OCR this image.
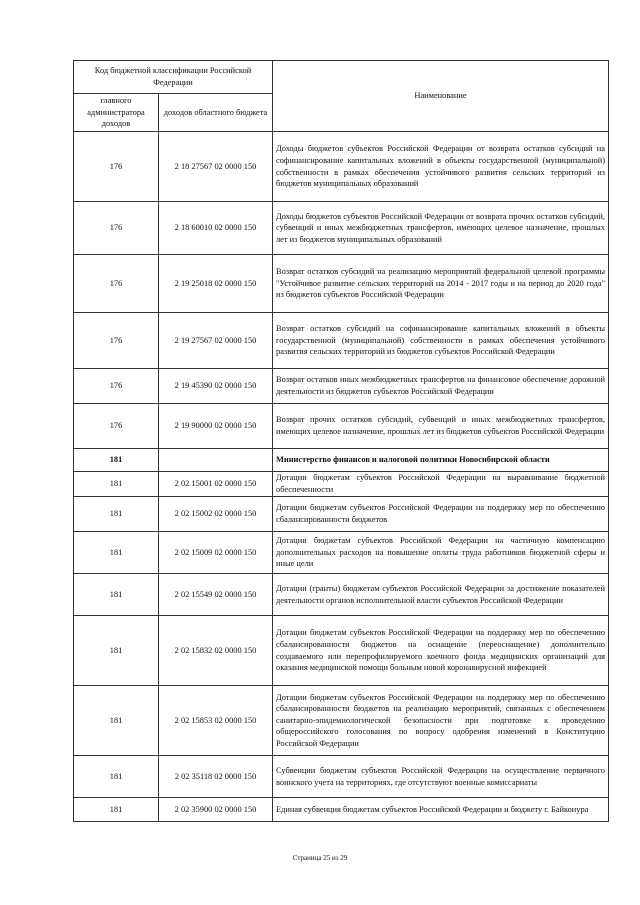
Код бюджетной классификации Российской Федерации		Наименование
главного администратора доходов	доходов областного бюджета	
176	2 18 27567 02 0000 150	Доходы бюджетов субъектов Российской Федерации от возврата остатков субсидий на софинансирование капитальных вложений в объекты государственной (муниципальной) собственности в рамках обеспечения устойчивого развития сельских территорий из бюджетов муниципальных образований
176	2 18 60010 02 0000 150	Доходы бюджетов субъектов Российской Федерации от возврата прочих остатков субсидий, субвенций и иных межбюджетных трансфертов, имеющих целевое назначение, прошлых лет из бюджетов муниципальных образований
176	2 19 25018 02 0000 150	Возврат остатков субсидий на реализацию мероприятий федеральной целевой программы "Устойчивое развитие сельских территорий на 2014 - 2017 годы и на период до 2020 года" из бюджетов субъектов Российской Федерации
176	2 19 27567 02 0000 150	Возврат остатков субсидий на софинансирование капитальных вложений в объекты государственной (муниципальной) собственности в рамках обеспечения устойчивого развития сельских территорий из бюджетов субъектов Российской Федерации
176	2 19 45390 02 0000 150	Возврат остатков иных межбюджетных трансфертов на финансовое обеспечение дорожной деятельности из бюджетов субъектов Российской Федерации
176	2 19 90000 02 0000 150	Возврат прочих остатков субсидий, субвенций и иных межбюджетных трансфертов, имеющих целевое назначение, прошлых лет из бюджетов субъектов Российской Федерации
181		Министерство финансов и налоговой политики Новосибирской области
181	2 02 15001 02 0000 150	Дотации бюджетам субъектов Российской Федерации на выравнивание бюджетной обеспеченности
181	2 02 15002 02 0000 150	Дотации бюджетам субъектов Российской Федерации на поддержку мер по обеспечению сбалансированности бюджетов
181	2 02 15009 02 0000 150	Дотации бюджетам субъектов Российской Федерации на частичную компенсацию дополнительных расходов на повышение оплаты труда работников бюджетной сферы и иные цели
181	2 02 15549 02 0000 150	Дотации (гранты) бюджетам субъектов Российской Федерации за достижение показателей деятельности органов исполнительной власти субъектов Российской Федерации
181	2 02 15832 02 0000 150	Дотации бюджетам субъектов Российской Федерации на поддержку мер по обеспечению сбалансированности бюджетов на оснащение (переоснащение) дополнительно создаваемого или перепрофилируемого коечного фонда медицинских организаций для оказания медицинской помощи больным новой коронавирусной инфекцией
181	2 02 15853 02 0000 150	Дотации бюджетам субъектов Российской Федерации на поддержку мер по обеспечению сбалансированности бюджетов на реализацию мероприятий, связанных с обеспечением санитарно-эпидемиологической безопасности при подготовке к проведению общероссийского голосования по вопросу одобрения изменений в Конституцию Российской Федерации
181	2 02 35118 02 0000 150	Субвенции бюджетам субъектов Российской Федерации на осуществление первичного воинского учета на территориях, где отсутствуют военные комиссариаты
181	2 02 35900 02 0000 150	Единая субвенция бюджетам субъектов Российской Федерации и бюджету г. Байконура
Страница 25 из 29
